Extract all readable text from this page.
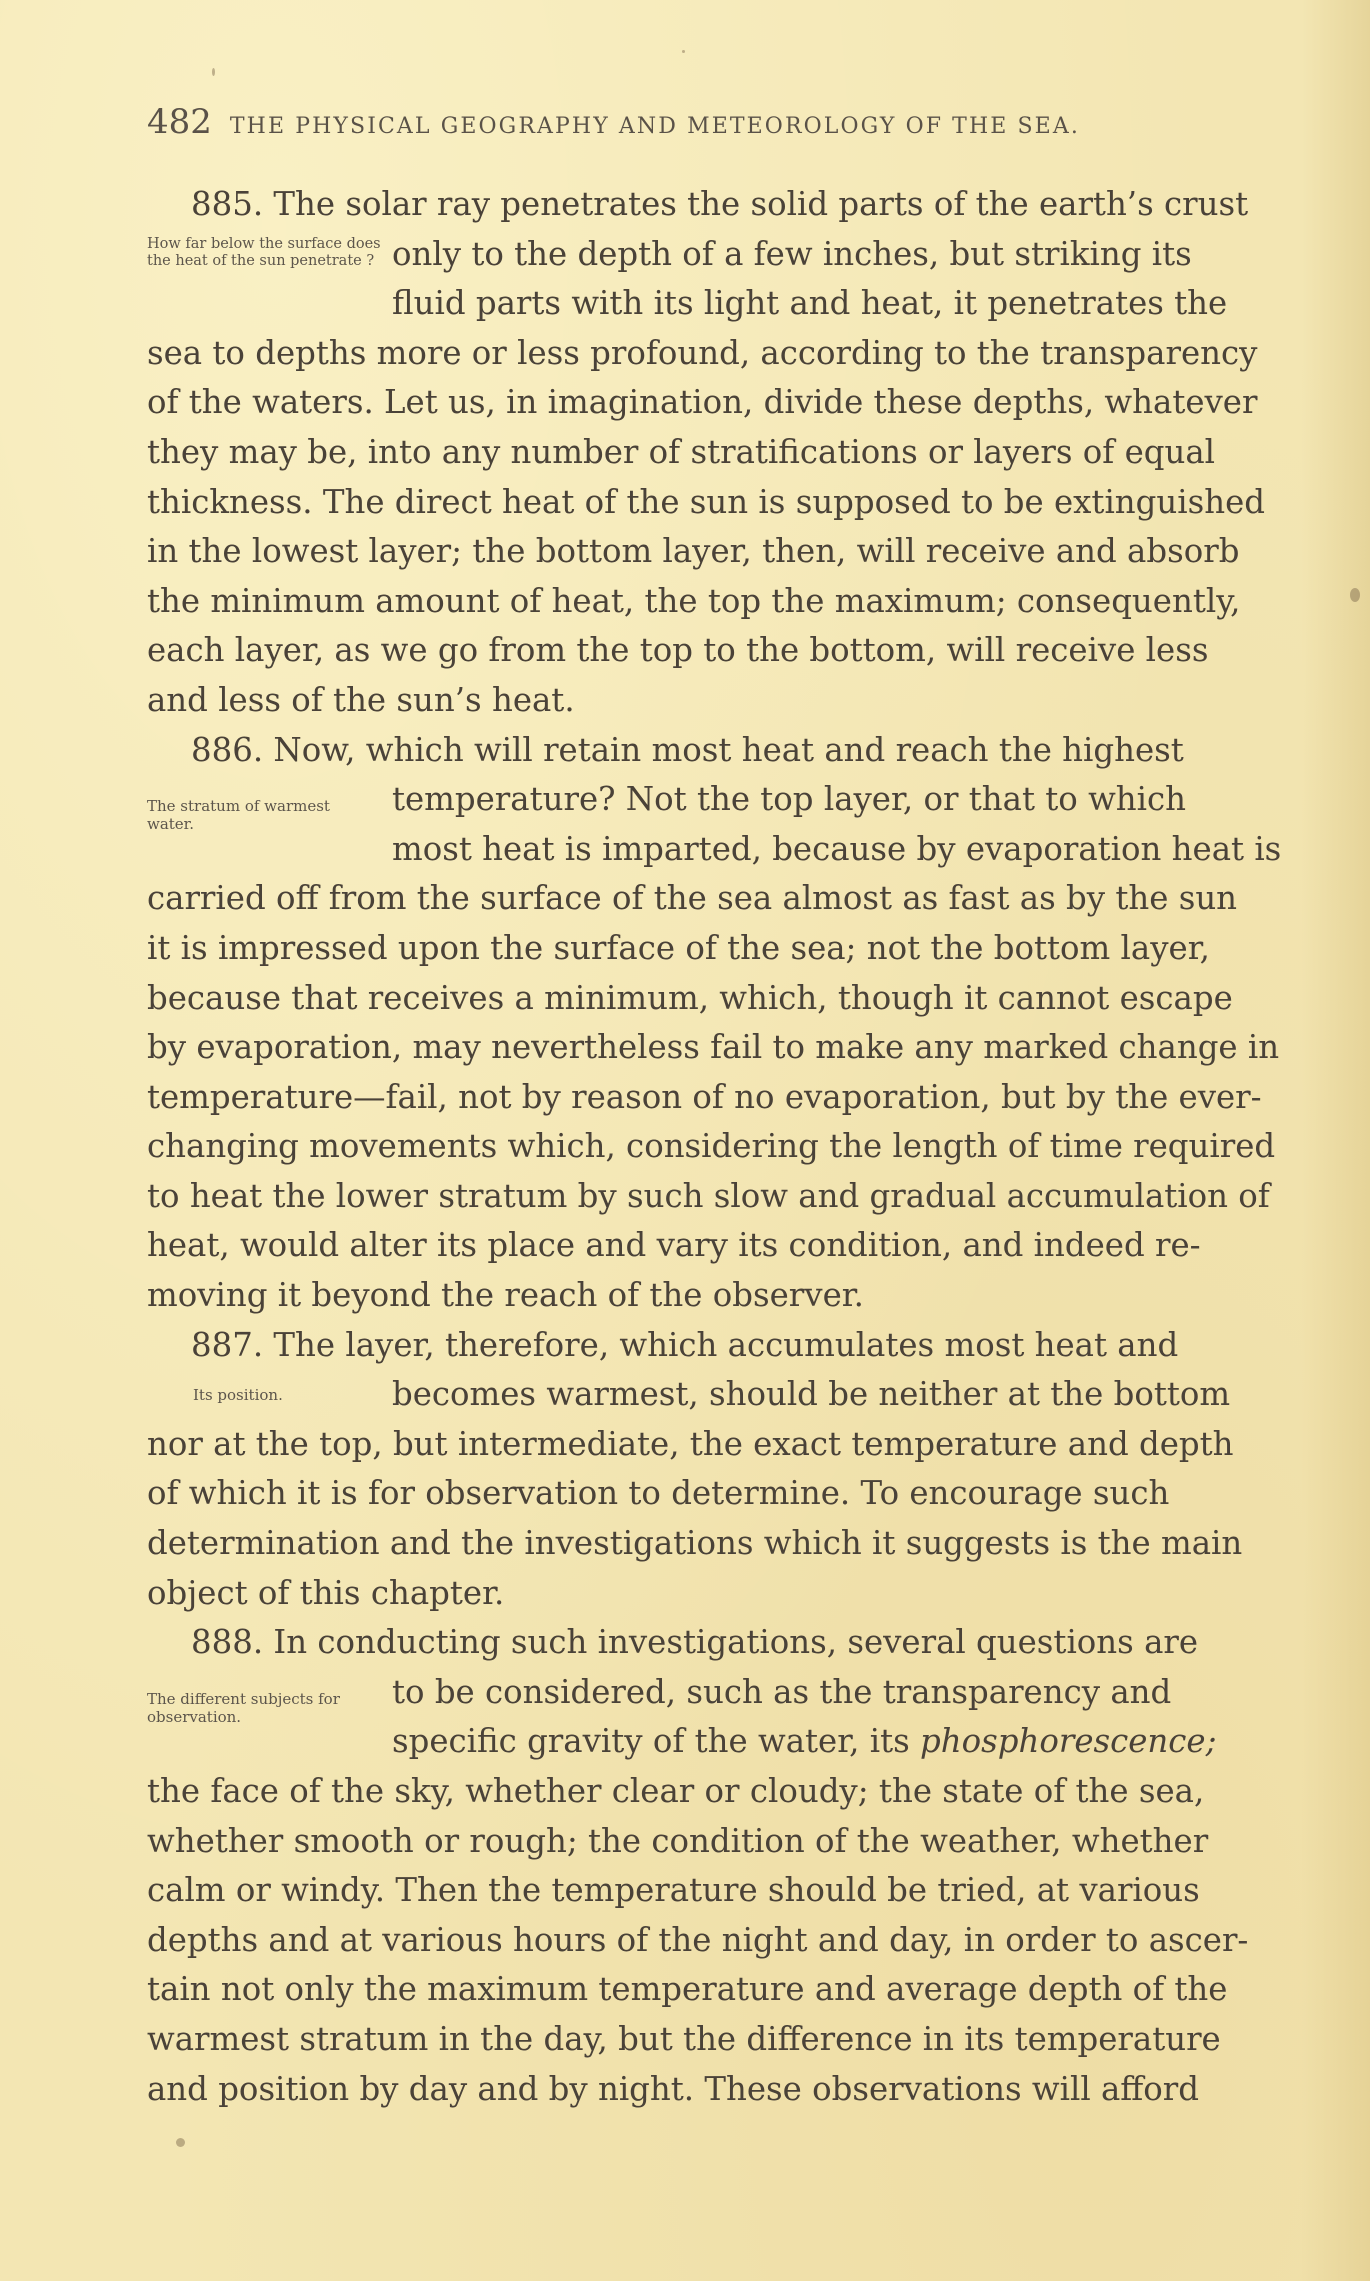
482 THE PHYSICAL GEOGRAPHY AND METEOROLOGY OF THE SEA.
885. The solar ray penetrates the solid parts of the earth’s crust
How far below the surface does the heat of the sun penetrate ? only to the depth of a few inches, but striking its
fluid parts with its light and heat, it penetrates the
sea to depths more or less profound, according to the transparency
of the waters. Let us, in imagination, divide these depths, whatever
they may be, into any number of stratifications or layers of equal
thickness. The direct heat of the sun is supposed to be extinguished
in the lowest layer; the bottom layer, then, will receive and absorb
the minimum amount of heat, the top the maximum; consequently,
each layer, as we go from the top to the bottom, will receive less
and less of the sun’s heat.
886. Now, which will retain most heat and reach the highest
The stratum of warmest water.
temperature? Not the top layer, or that to which
most heat is imparted, because by evaporation heat is
carried off from the surface of the sea almost as fast as by the sun
it is impressed upon the surface of the sea; not the bottom layer,
because that receives a minimum, which, though it cannot escape
by evaporation, may nevertheless fail to make any marked change in
temperature—fail, not by reason of no evaporation, but by the ever-
changing movements which, considering the length of time required
to heat the lower stratum by such slow and gradual accumulation of
heat, would alter its place and vary its condition, and indeed re-
moving it beyond the reach of the observer.
887. The layer, therefore, which accumulates most heat and
Its position.	becomes warmest, should be neither at the bottom
nor at the top, but intermediate, the exact temperature and depth
of which it is for observation to determine. To encourage such
determination and the investigations which it suggests is the main
object of this chapter.
888. In conducting such investigations, several questions are
The different subjects for observation.
to be considered, such as the transparency and
specific gravity of the water, its phosphorescence;
the face of the sky, whether clear or cloudy; the state of the sea,
whether smooth or rough; the condition of the weather, whether
calm or windy. Then the temperature should be tried, at various
depths and at various hours of the night and day, in order to ascer-
tain not only the maximum temperature and average depth of the
warmest stratum in the day, but the difference in its temperature
and position by day and by night. These observations will afford
